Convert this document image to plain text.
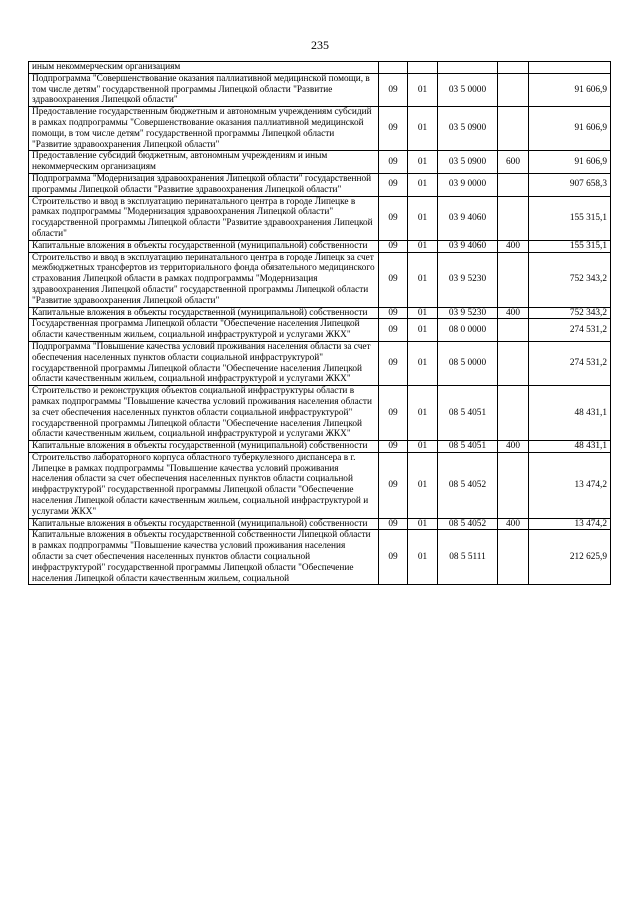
235
иным некоммерческим организациям					
Подпрограмма "Совершенствование оказания паллиативной медицинской помощи, в том числе детям" государственной программы Липецкой области "Развитие здравоохранения Липецкой области"	09	01	03 5 0000		91 606,9
Предоставление государственным бюджетным и автономным учреждениям субсидий в рамках подпрограммы "Совершенствование оказания паллиативной медицинской помощи, в том числе детям" государственной программы Липецкой области "Развитие здравоохранения Липецкой области"	09	01	03 5 0900		91 606,9
Предоставление субсидий бюджетным, автономным учреждениям и иным некоммерческим организациям	09	01	03 5 0900	600	91 606,9
Подпрограмма "Модернизация здравоохранения Липецкой области" государственной программы Липецкой области "Развитие здравоохранения Липецкой области"	09	01	03 9 0000		907 658,3
Строительство и ввод в эксплуатацию перинатального центра в городе Липецке в рамках подпрограммы "Модернизация здравоохранения Липецкой области" государственной программы Липецкой области "Развитие здравоохранения Липецкой области"	09	01	03 9 4060		155 315,1
Капитальные вложения в объекты государственной (муниципальной) собственности	09	01	03 9 4060	400	155 315,1
Строительство и ввод в эксплуатацию перинатального центра в городе Липецк за счет межбюджетных трансфертов из территориального фонда обязательного медицинского страхования Липецкой области в рамках подпрограммы "Модернизация здравоохранения Липецкой области" государственной программы Липецкой области "Развитие здравоохранения Липецкой области"	09	01	03 9 5230		752 343,2
Капитальные вложения в объекты государственной (муниципальной) собственности	09	01	03 9 5230	400	752 343,2
Государственная программа Липецкой области "Обеспечение населения Липецкой области качественным жильем, социальной инфраструктурой и услугами ЖКХ"	09	01	08 0 0000		274 531,2
Подпрограмма "Повышение качества условий проживания населения области за счет обеспечения населенных пунктов области социальной инфраструктурой" государственной программы Липецкой области "Обеспечение населения Липецкой области качественным жильем, социальной инфраструктурой и услугами ЖКХ"	09	01	08 5 0000		274 531,2
Строительство и реконструкция объектов социальной инфраструктуры области в рамках подпрограммы "Повышение качества условий проживания населения области за счет обеспечения населенных пунктов области социальной инфраструктурой" государственной программы Липецкой области "Обеспечение населения Липецкой области качественным жильем, социальной инфраструктурой и услугами ЖКХ"	09	01	08 5 4051		48 431,1
Капитальные вложения в объекты государственной (муниципальной) собственности	09	01	08 5 4051	400	48 431,1
Строительство лабораторного корпуса областного туберкулезного диспансера в г. Липецке в рамках подпрограммы "Повышение качества условий проживания населения области за счет обеспечения населенных пунктов области социальной инфраструктурой" государственной программы Липецкой области "Обеспечение населения Липецкой области качественным жильем, социальной инфраструктурой и услугами ЖКХ"	09	01	08 5 4052		13 474,2
Капитальные вложения в объекты государственной (муниципальной) собственности	09	01	08 5 4052	400	13 474,2
Капитальные вложения в объекты государственной собственности Липецкой области в рамках подпрограммы "Повышение качества условий проживания населения области за счет обеспечения населенных пунктов области социальной инфраструктурой" государственной программы Липецкой области "Обеспечение населения Липецкой области качественным жильем, социальной	09	01	08 5 5111		212 625,9
